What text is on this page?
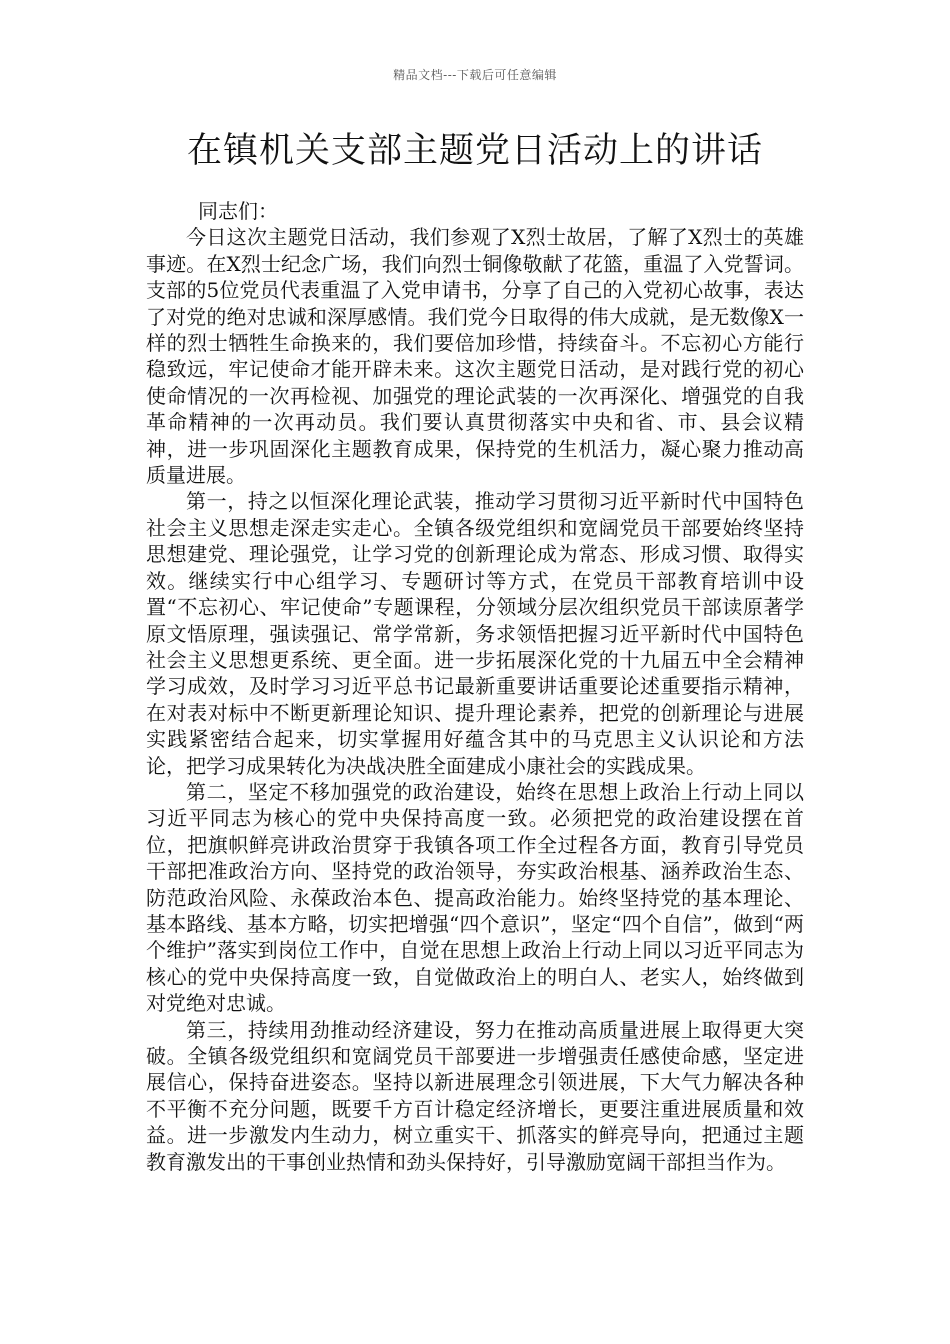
精品文档---下载后可任意编辑
在镇机关支部主题党日活动上的讲话

同志们：

今日这次主题党日活动，我们参观了X烈士故居，了解了X烈士的英雄事迹。在X烈士纪念广场，我们向烈士铜像敬献了花篮，重温了入党誓词。支部的5位党员代表重温了入党申请书，分享了自己的入党初心故事，表达了对党的绝对忠诚和深厚感情。我们党今日取得的伟大成就，是无数像X一样的烈士牺牲生命换来的，我们要倍加珍惜，持续奋斗。不忘初心方能行稳致远，牢记使命才能开辟未来。这次主题党日活动，是对践行党的初心使命情况的一次再检视、加强党的理论武装的一次再深化、增强党的自我革命精神的一次再动员。我们要认真贯彻落实中央和省、市、县会议精神，进一步巩固深化主题教育成果，保持党的生机活力，凝心聚力推动高质量进展。

第一，持之以恒深化理论武装，推动学习贯彻习近平新时代中国特色社会主义思想走深走实走心。全镇各级党组织和宽阔党员干部要始终坚持思想建党、理论强党，让学习党的创新理论成为常态、形成习惯、取得实效。继续实行中心组学习、专题研讨等方式，在党员干部教育培训中设置“不忘初心、牢记使命”专题课程，分领域分层次组织党员干部读原著学原文悟原理，强读强记、常学常新，务求领悟把握习近平新时代中国特色社会主义思想更系统、更全面。进一步拓展深化党的十九届五中全会精神学习成效，及时学习习近平总书记最新重要讲话重要论述重要指示精神，在对表对标中不断更新理论知识、提升理论素养，把党的创新理论与进展实践紧密结合起来，切实掌握用好蕴含其中的马克思主义认识论和方法论，把学习成果转化为决战决胜全面建成小康社会的实践成果。

第二，坚定不移加强党的政治建设，始终在思想上政治上行动上同以习近平同志为核心的党中央保持高度一致。必须把党的政治建设摆在首位，把旗帜鲜亮讲政治贯穿于我镇各项工作全过程各方面，教育引导党员干部把准政治方向、坚持党的政治领导，夯实政治根基、涵养政治生态、防范政治风险、永葆政治本色、提高政治能力。始终坚持党的基本理论、基本路线、基本方略，切实把增强“四个意识”，坚定“四个自信”，做到“两个维护”落实到岗位工作中，自觉在思想上政治上行动上同以习近平同志为核心的党中央保持高度一致，自觉做政治上的明白人、老实人，始终做到对党绝对忠诚。

第三，持续用劲推动经济建设，努力在推动高质量进展上取得更大突破。全镇各级党组织和宽阔党员干部要进一步增强责任感使命感，坚定进展信心，保持奋进姿态。坚持以新进展理念引领进展，下大气力解决各种不平衡不充分问题，既要千方百计稳定经济增长，更要注重进展质量和效益。进一步激发内生动力，树立重实干、抓落实的鲜亮导向，把通过主题教育激发出的干事创业热情和劲头保持好，引导激励宽阔干部担当作为。
